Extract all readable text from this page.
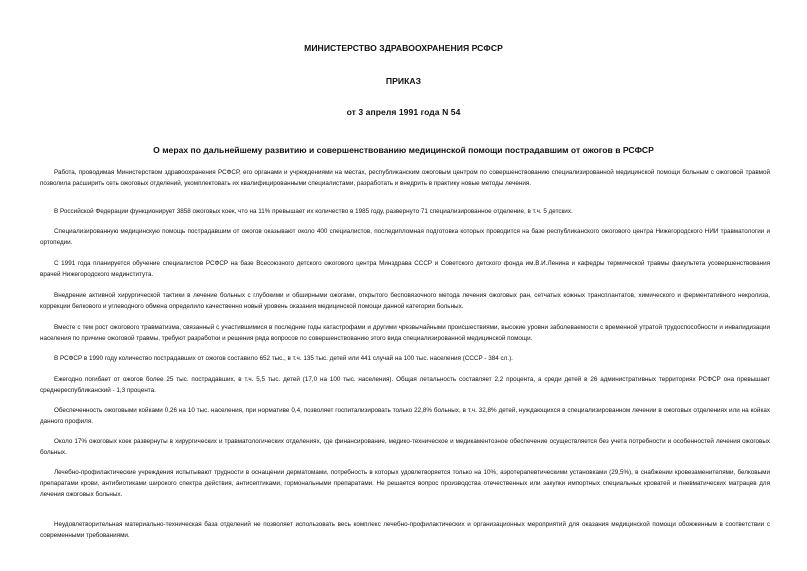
МИНИСТЕРСТВО ЗДРАВООХРАНЕНИЯ РСФСР
ПРИКАЗ
от 3 апреля 1991 года N 54
О мерах по дальнейшему развитию и совершенствованию медицинской помощи пострадавшим от ожогов в РСФСР

Работа, проводимая Министерством здравоохранения РСФСР, его органами и учреждениями на местах, республиканским ожоговым центром по совершенствованию специализированной медицинской помощи больным с ожоговой травмой позволила расширить сеть ожоговых отделений, укомплектовать их квалифицированными специалистами, разработать и внедрить в практику новые методы лечения.

В Российской Федерации функционирует 3858 ожоговых коек, что на 11% превышает их количество в 1985 году, развернуто 71 специализированное отделение, в т.ч. 5 детских.

Специализированную медицинскую помощь пострадавшим от ожогов оказывают около 400 специалистов, последипломная подготовка которых проводится на базе республиканского ожогового центра Нижегородского НИИ травматологии и ортопедии.

С 1991 года планируется обучение специалистов РСФСР на базе Всесоюзного детского ожогового центра Минздрава СССР и Советского детского фонда им.В.И.Ленина и кафедры термической травмы факультета усовершенствования врачей Нижегородского мединститута.

Внедрение активной хирургической тактики в лечение больных с глубокими и обширными ожогами, открытого бесповязочного метода лечения ожоговых ран, сетчатых кожных трансплантатов, химического и ферментативного некролиза, коррекции белкового и углеводного обмена определило качественно новый уровень оказания медицинской помощи данной категории больных.

Вместе с тем рост ожогового травматизма, связанный с участившимися в последние годы катастрофами и другими чрезвычайными происшествиями, высокие уровни заболеваемости с временной утратой трудоспособности и инвалидизации населения по причине ожоговой травмы, требуют разработки и решения ряда вопросов по совершенствованию этого вида специализированной медицинской помощи.

В РСФСР в 1990 году количество пострадавших от ожогов составило 652 тыс., в т.ч. 135 тыс. детей или 441 случай на 100 тыс. населения (СССР - 384 сл.).

Ежегодно погибает от ожогов более 25 тыс. пострадавших, в т.ч. 5,5 тыс. детей (17,0 на 100 тыс. населения). Общая летальность составляет 2,2 процента, а среди детей в 26 административных территориях РСФСР она превышает среднереспубликанский - 1,3 процента.

Обеспеченность ожоговыми койками 0,26 на 10 тыс. населения, при нормативе 0,4, позволяет госпитализировать только 22,8% больных, в т.ч. 32,8% детей, нуждающихся в специализированном лечении в ожоговых отделениях или на койках данного профиля.

Около 17% ожоговых коек развернуты в хирургических и травматологических отделениях, где финансирование, медико-техническое и медикаментозное обеспечение осуществляется без учета потребности и особенностей лечения ожоговых больных.

Лечебно-профилактические учреждения испытывают трудности в оснащении дерматомами, потребность в которых удовлетворяется только на 10%, аэротерапевтическими установками (29,5%), в снабжении кровезаменителями, белковыми препаратами крови, антибиотиками широкого спектра действия, антисептиками, гормональными препаратами. Не решается вопрос производства отечественных или закупки импортных специальных кроватей и пневматических матрацев для лечения ожоговых больных.

Неудовлетворительная материально-техническая база отделений не позволяет использовать весь комплекс лечебно-профилактических и организационных мероприятий для оказания медицинской помощи обожженным в соответствии с современными требованиями.
